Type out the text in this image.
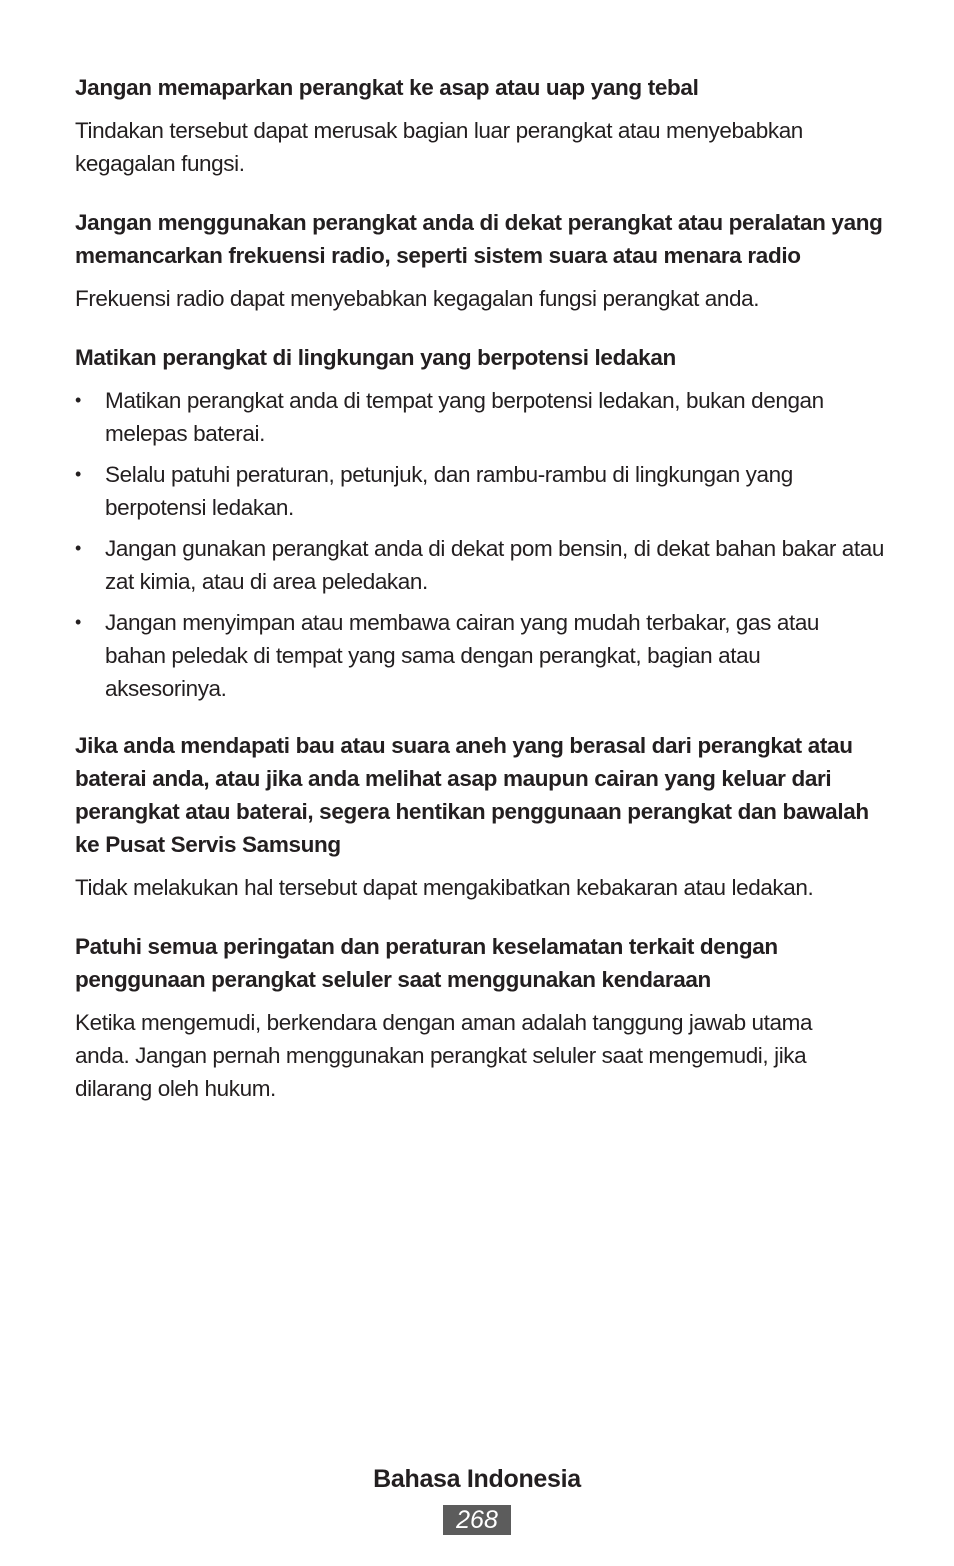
Jangan memaparkan perangkat ke asap atau uap yang tebal

Tindakan tersebut dapat merusak bagian luar perangkat atau menyebabkan kegagalan fungsi.

Jangan menggunakan perangkat anda di dekat perangkat atau peralatan yang memancarkan frekuensi radio, seperti sistem suara atau menara radio

Frekuensi radio dapat menyebabkan kegagalan fungsi perangkat anda.

Matikan perangkat di lingkungan yang berpotensi ledakan

•	Matikan perangkat anda di tempat yang berpotensi ledakan, bukan dengan melepas baterai.
•	Selalu patuhi peraturan, petunjuk, dan rambu-rambu di lingkungan yang berpotensi ledakan.
•	Jangan gunakan perangkat anda di dekat pom bensin, di dekat bahan bakar atau zat kimia, atau di area peledakan.
•	Jangan menyimpan atau membawa cairan yang mudah terbakar, gas atau bahan peledak di tempat yang sama dengan perangkat, bagian atau aksesorinya.

Jika anda mendapati bau atau suara aneh yang berasal dari perangkat atau baterai anda, atau jika anda melihat asap maupun cairan yang keluar dari perangkat atau baterai, segera hentikan penggunaan perangkat dan bawalah ke Pusat Servis Samsung

Tidak melakukan hal tersebut dapat mengakibatkan kebakaran atau ledakan.

Patuhi semua peringatan dan peraturan keselamatan terkait dengan penggunaan perangkat seluler saat menggunakan kendaraan

Ketika mengemudi, berkendara dengan aman adalah tanggung jawab utama anda. Jangan pernah menggunakan perangkat seluler saat mengemudi, jika dilarang oleh hukum.

Bahasa Indonesia
268
